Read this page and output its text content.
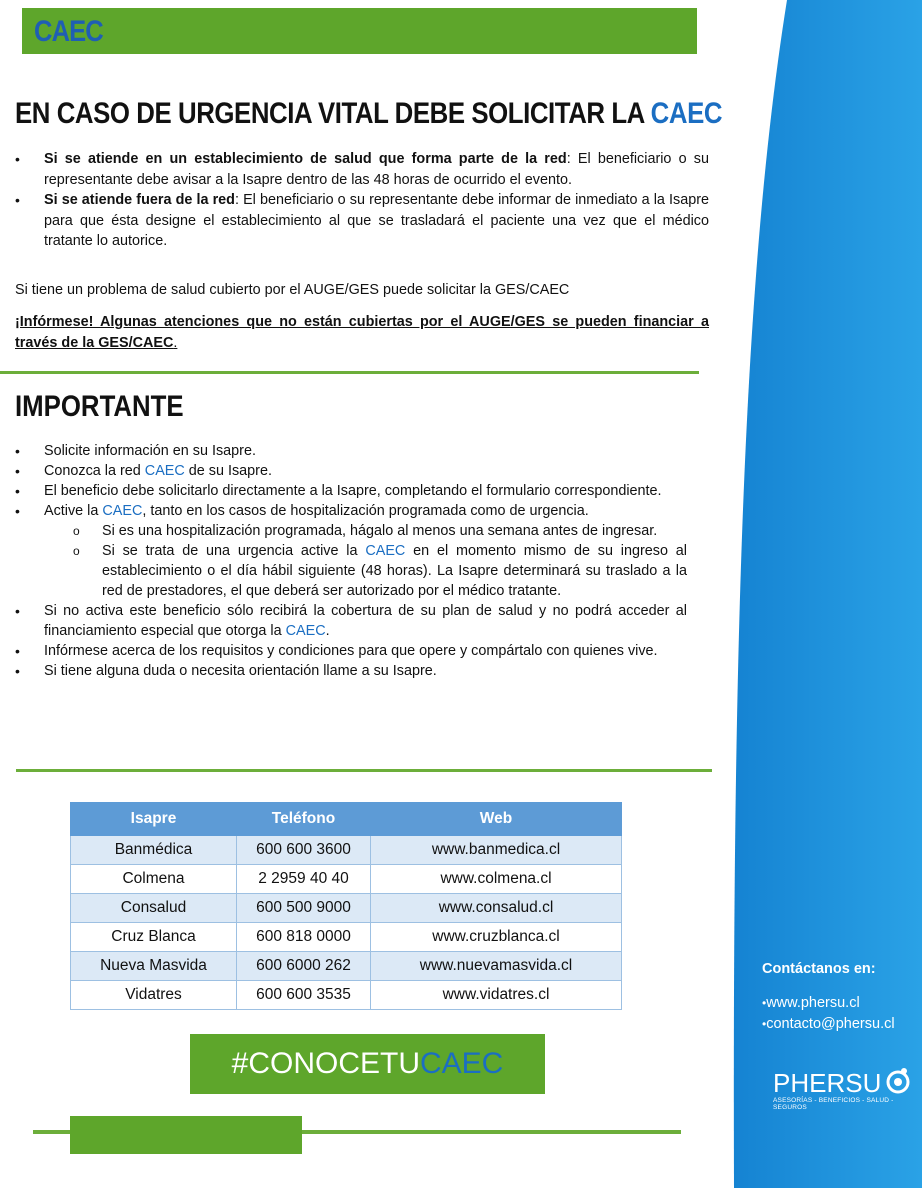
CAEC
EN CASO DE URGENCIA VITAL DEBE SOLICITAR LA CAEC
• Si se atiende en un establecimiento de salud que forma parte de la red: El beneficiario o su representante debe avisar a la Isapre dentro de las 48 horas de ocurrido el evento.
• Si se atiende fuera de la red: El beneficiario o su representante debe informar de inmediato a la Isapre para que ésta designe el establecimiento al que se trasladará el paciente una vez que el médico tratante lo autorice.
Si tiene un problema de salud cubierto por el AUGE/GES puede solicitar la GES/CAEC
¡Infórmese! Algunas atenciones que no están cubiertas por el AUGE/GES se pueden financiar a través de la GES/CAEC.
IMPORTANTE
• Solicite información en su Isapre.
• Conozca la red CAEC de su Isapre.
• El beneficio debe solicitarlo directamente a la Isapre, completando el formulario correspondiente.
• Active la CAEC, tanto en los casos de hospitalización programada como de urgencia.
o Si es una hospitalización programada, hágalo al menos una semana antes de ingresar.
o Si se trata de una urgencia active la CAEC en el momento mismo de su ingreso al establecimiento o el día hábil siguiente (48 horas). La Isapre determinará su traslado a la red de prestadores, el que deberá ser autorizado por el médico tratante.
• Si no activa este beneficio sólo recibirá la cobertura de su plan de salud y no podrá acceder al financiamiento especial que otorga la CAEC.
• Infórmese acerca de los requisitos y condiciones para que opere y compártalo con quienes vive.
• Si tiene alguna duda o necesita orientación llame a su Isapre.
Isapre	Teléfono	Web
Banmédica	600 600 3600	www.banmedica.cl
Colmena	2 2959 40 40	www.colmena.cl
Consalud	600 500 9000	www.consalud.cl
Cruz Blanca	600 818 0000	www.cruzblanca.cl
Nueva Masvida	600 6000 262	www.nuevamasvida.cl
Vidatres	600 600 3535	www.vidatres.cl
#CONOCETUCAEC
Contáctanos en:
• www.phersu.cl
• contacto@phersu.cl
PHERSU
ASESORÍAS - BENEFICIOS - SALUD - SEGUROS
